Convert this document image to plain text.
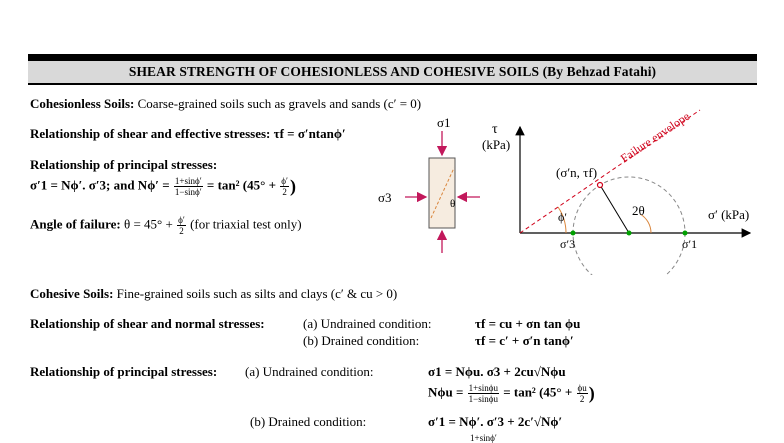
SHEAR STRENGTH OF COHESIONLESS AND COHESIVE SOILS (By Behzad Fatahi)
Cohesionless Soils: Coarse-grained soils such as gravels and sands (c′ = 0)
Relationship of shear and effective stresses: τf = σ′ntanϕ′
Relationship of principal stresses:
σ′1 = Nϕ′. σ′3; and $N\phi' = \frac{1+\sin\phi'}{1-\sin\phi'} = \tan^2$ ($45^\circ + \frac{\phi'}{2}$ )
Angle of failure: $\theta = 45^\circ + \frac{\phi'}{2} (for$ triaxial test only)
θ
σ1
σ3
τ
(kPa)
σ′ (kPa)
Failure envelope
2θ
ϕ′
(σ′n, τf)
σ′3	σ′1
Cohesive Soils: Fine-grained soils such as silts and clays (c′ & cu > 0)
Relationship of shear and normal stresses:	(a) Undrained condition:	τf = cu + σn tan ϕu
(b) Drained condition:	τf = c′ + σ′n tanϕ′
Relationship of principal stresses: (a) Undrained condition:	σ1 = Nϕu. σ3 + 2cu√Nϕu
$N\phi u = \frac{1+\sin\phi u}{1-\sin\phi u} = \tan^2$ ($45^\circ + \frac{\phi u}{2}$ )
(b) Drained condition:	σ′1 = Nϕ′. σ′3 + 2c′√Nϕ′
1+sinϕ′
